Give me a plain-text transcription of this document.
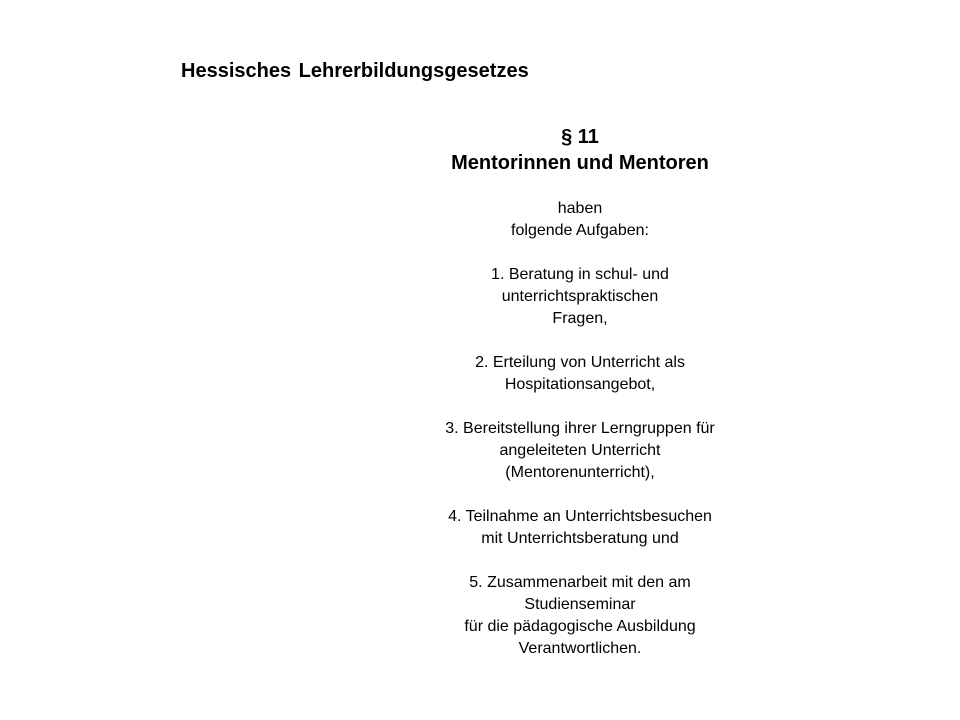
Hessisches Lehrerbildungsgesetzes

§ 11
Mentorinnen und Mentoren

haben
folgende Aufgaben:

1. Beratung in schul- und
unterrichtspraktischen
Fragen,

2. Erteilung von Unterricht als
Hospitationsangebot,

3. Bereitstellung ihrer Lerngruppen für
angeleiteten Unterricht
(Mentorenunterricht),

4. Teilnahme an Unterrichtsbesuchen
mit Unterrichtsberatung und

5. Zusammenarbeit mit den am
Studienseminar
für die pädagogische Ausbildung
Verantwortlichen.
